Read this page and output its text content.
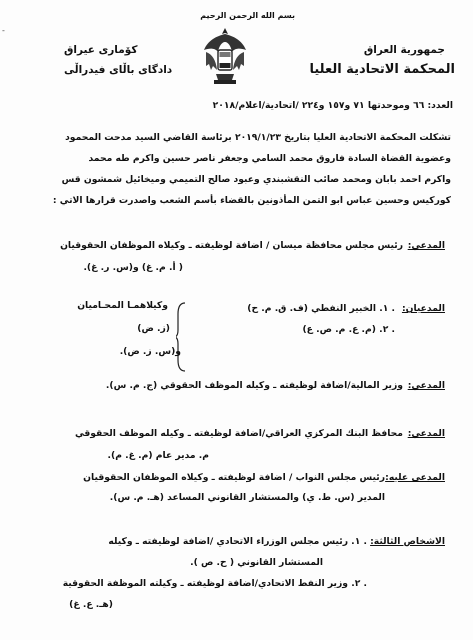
-
بسم الله الرحمن الرحيم
جمهورية العراق
المحكمة الاتحادية العليا
كۆماری عیراق
دادگای باڵای فیدراڵی
العدد: ٦٦ وموحدتها ٧١ و١٥٧ و٢٢٤ /اتحادية/اعلام/٢٠١٨
تشكلت المحكمة الاتحادية العليا بتاريخ ٢٠١٩/١/٢٣ برئاسة القاضي السيد مدحت المحمود
وعضوية القضاة السادة فاروق محمد السامي وجعفر ناصر حسين واكرم طه محمد
واكرم احمد بابان ومحمد صائب النقشبندي وعبود صالح التميمي وميخائيل شمشون قس
كوركيس وحسين عباس ابو التمن المأذونين بالقضاء بأسم الشعب واصدرت قرارها الاتي :
المدعي:
رئيس مجلس محافظة ميسان / اضافة لوظيفته ـ وكيلاه الموظفان الحقوقيان
( أ. م. غ) و(س. ر. غ).
المدعيان:
. ١. الخبير النفطي (ف. ق. م. ح)
. ٢. (م. ع. م. ص. ع)
وكيلاهمـا المحـاميان
(ز. ض)
و(س. ز. ض).
المدعي:
وزير المالية/اضافة لوظيفته ـ وكيله الموظف الحقوقي (ج. م. س).
المدعي:
محافظ البنك المركزي العراقي/اضافة لوظيفته ـ وكيله الموظف الحقوقي
م. مدير عام (م. غ. م).
المدعى عليه:
رئيس مجلس النواب / اضافة لوظيفته ـ وكيلاه الموظفان الحقوقيان
المدير (س. ط. ي) والمستشار القانوني المساعد (هـ. م. س).
الاشخاص الثالثة:
. ١. رئيس مجلس الوزراء الاتحادي /اضافة لوظيفته ـ وكيله
المستشار القانوني ( ح. ص ).
. ٢. وزير النفط الاتحادي/اضافة لوظيفته ـ وكيلته الموظفة الحقوقية
(هـ. ع. غ)
